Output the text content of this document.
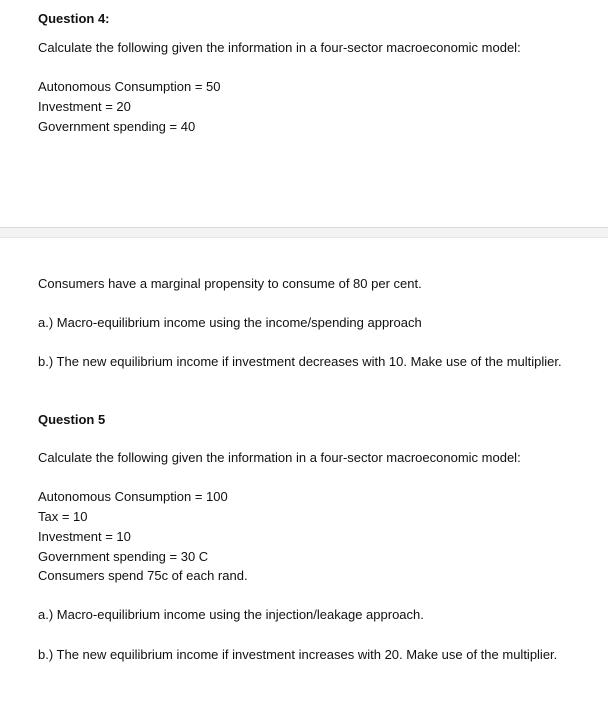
Question 4:
Calculate the following given the information in a four-sector macroeconomic model:
Autonomous Consumption = 50
Investment = 20
Government spending = 40
Consumers have a marginal propensity to consume of 80 per cent.
a.) Macro-equilibrium income using the income/spending approach
b.) The new equilibrium income if investment decreases with 10. Make use of the multiplier.
Question 5
Calculate the following given the information in a four-sector macroeconomic model:
Autonomous Consumption = 100
Tax = 10
Investment = 10
Government spending = 30 C
Consumers spend 75c of each rand.
a.) Macro-equilibrium income using the injection/leakage approach.
b.) The new equilibrium income if investment increases with 20. Make use of the multiplier.
